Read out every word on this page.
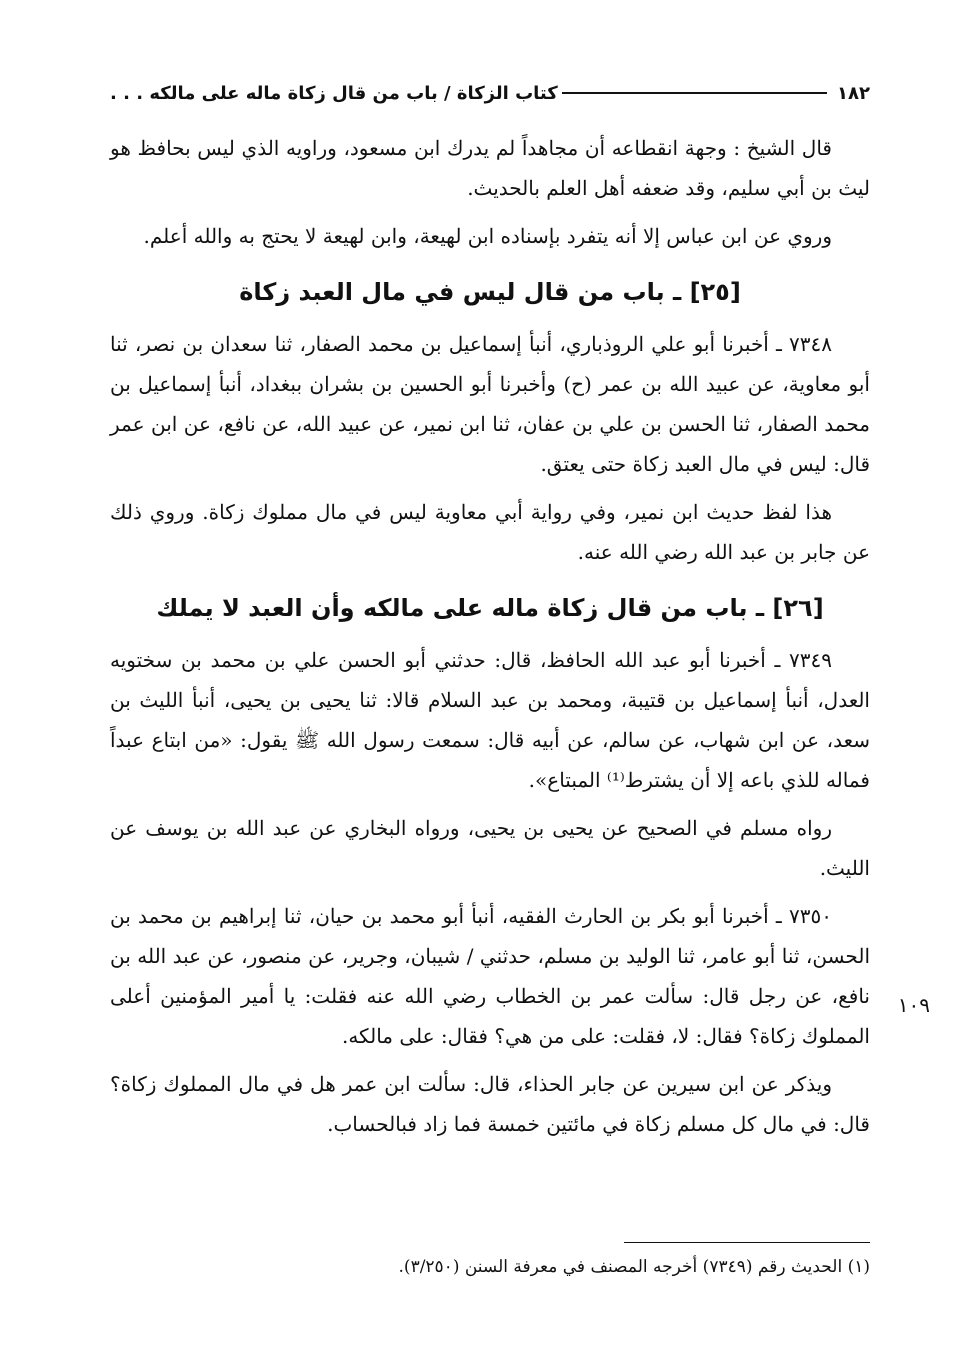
١٨٢
كتاب الزكاة / باب من قال زكاة ماله على مالكه . . .

قال الشيخ : وجهة انقطاعه أن مجاهداً لم يدرك ابن مسعود، وراويه الذي ليس بحافظ هو ليث بن أبي سليم، وقد ضعفه أهل العلم بالحديث.

وروي عن ابن عباس إلا أنه يتفرد بإسناده ابن لهيعة، وابن لهيعة لا يحتج به والله أعلم.

[٢٥] ـ باب من قال ليس في مال العبد زكاة

٧٣٤٨ ـ أخبرنا أبو علي الروذباري، أنبأ إسماعيل بن محمد الصفار، ثنا سعدان بن نصر، ثنا أبو معاوية، عن عبيد الله بن عمر (ح) وأخبرنا أبو الحسين بن بشران ببغداد، أنبأ إسماعيل بن محمد الصفار، ثنا الحسن بن علي بن عفان، ثنا ابن نمير، عن عبيد الله، عن نافع، عن ابن عمر قال: ليس في مال العبد زكاة حتى يعتق.

هذا لفظ حديث ابن نمير، وفي رواية أبي معاوية ليس في مال مملوك زكاة. وروي ذلك عن جابر بن عبد الله رضي الله عنه.

[٢٦] ـ باب من قال زكاة ماله على مالكه وأن العبد لا يملك

٧٣٤٩ ـ أخبرنا أبو عبد الله الحافظ، قال: حدثني أبو الحسن علي بن محمد بن سختويه العدل، أنبأ إسماعيل بن قتيبة، ومحمد بن عبد السلام قالا: ثنا يحيى بن يحيى، أنبأ الليث بن سعد، عن ابن شهاب، عن سالم، عن أبيه قال: سمعت رسول الله ﷺ يقول: «من ابتاع عبداً فماله للذي باعه إلا أن يشترط⁽¹⁾ المبتاع».

رواه مسلم في الصحيح عن يحيى بن يحيى، ورواه البخاري عن عبد الله بن يوسف عن الليث.

٧٣٥٠ ـ أخبرنا أبو بكر بن الحارث الفقيه، أنبأ أبو محمد بن حيان، ثنا إبراهيم بن محمد بن الحسن، ثنا أبو عامر، ثنا الوليد بن مسلم، حدثني / شيبان، وجرير، عن منصور، عن عبد الله بن نافع، عن رجل قال: سألت عمر بن الخطاب رضي الله عنه فقلت: يا أمير المؤمنين أعلى المملوك زكاة؟ فقال: لا، فقلت: على من هي؟ فقال: على مالكه.

ويذكر عن ابن سيرين عن جابر الحذاء، قال: سألت ابن عمر هل في مال المملوك زكاة؟ قال: في مال كل مسلم زكاة في مائتين خمسة فما زاد فبالحساب.

١٠٩
(١) الحديث رقم (٧٣٤٩) أخرجه المصنف في معرفة السنن (٣/٢٥٠).
